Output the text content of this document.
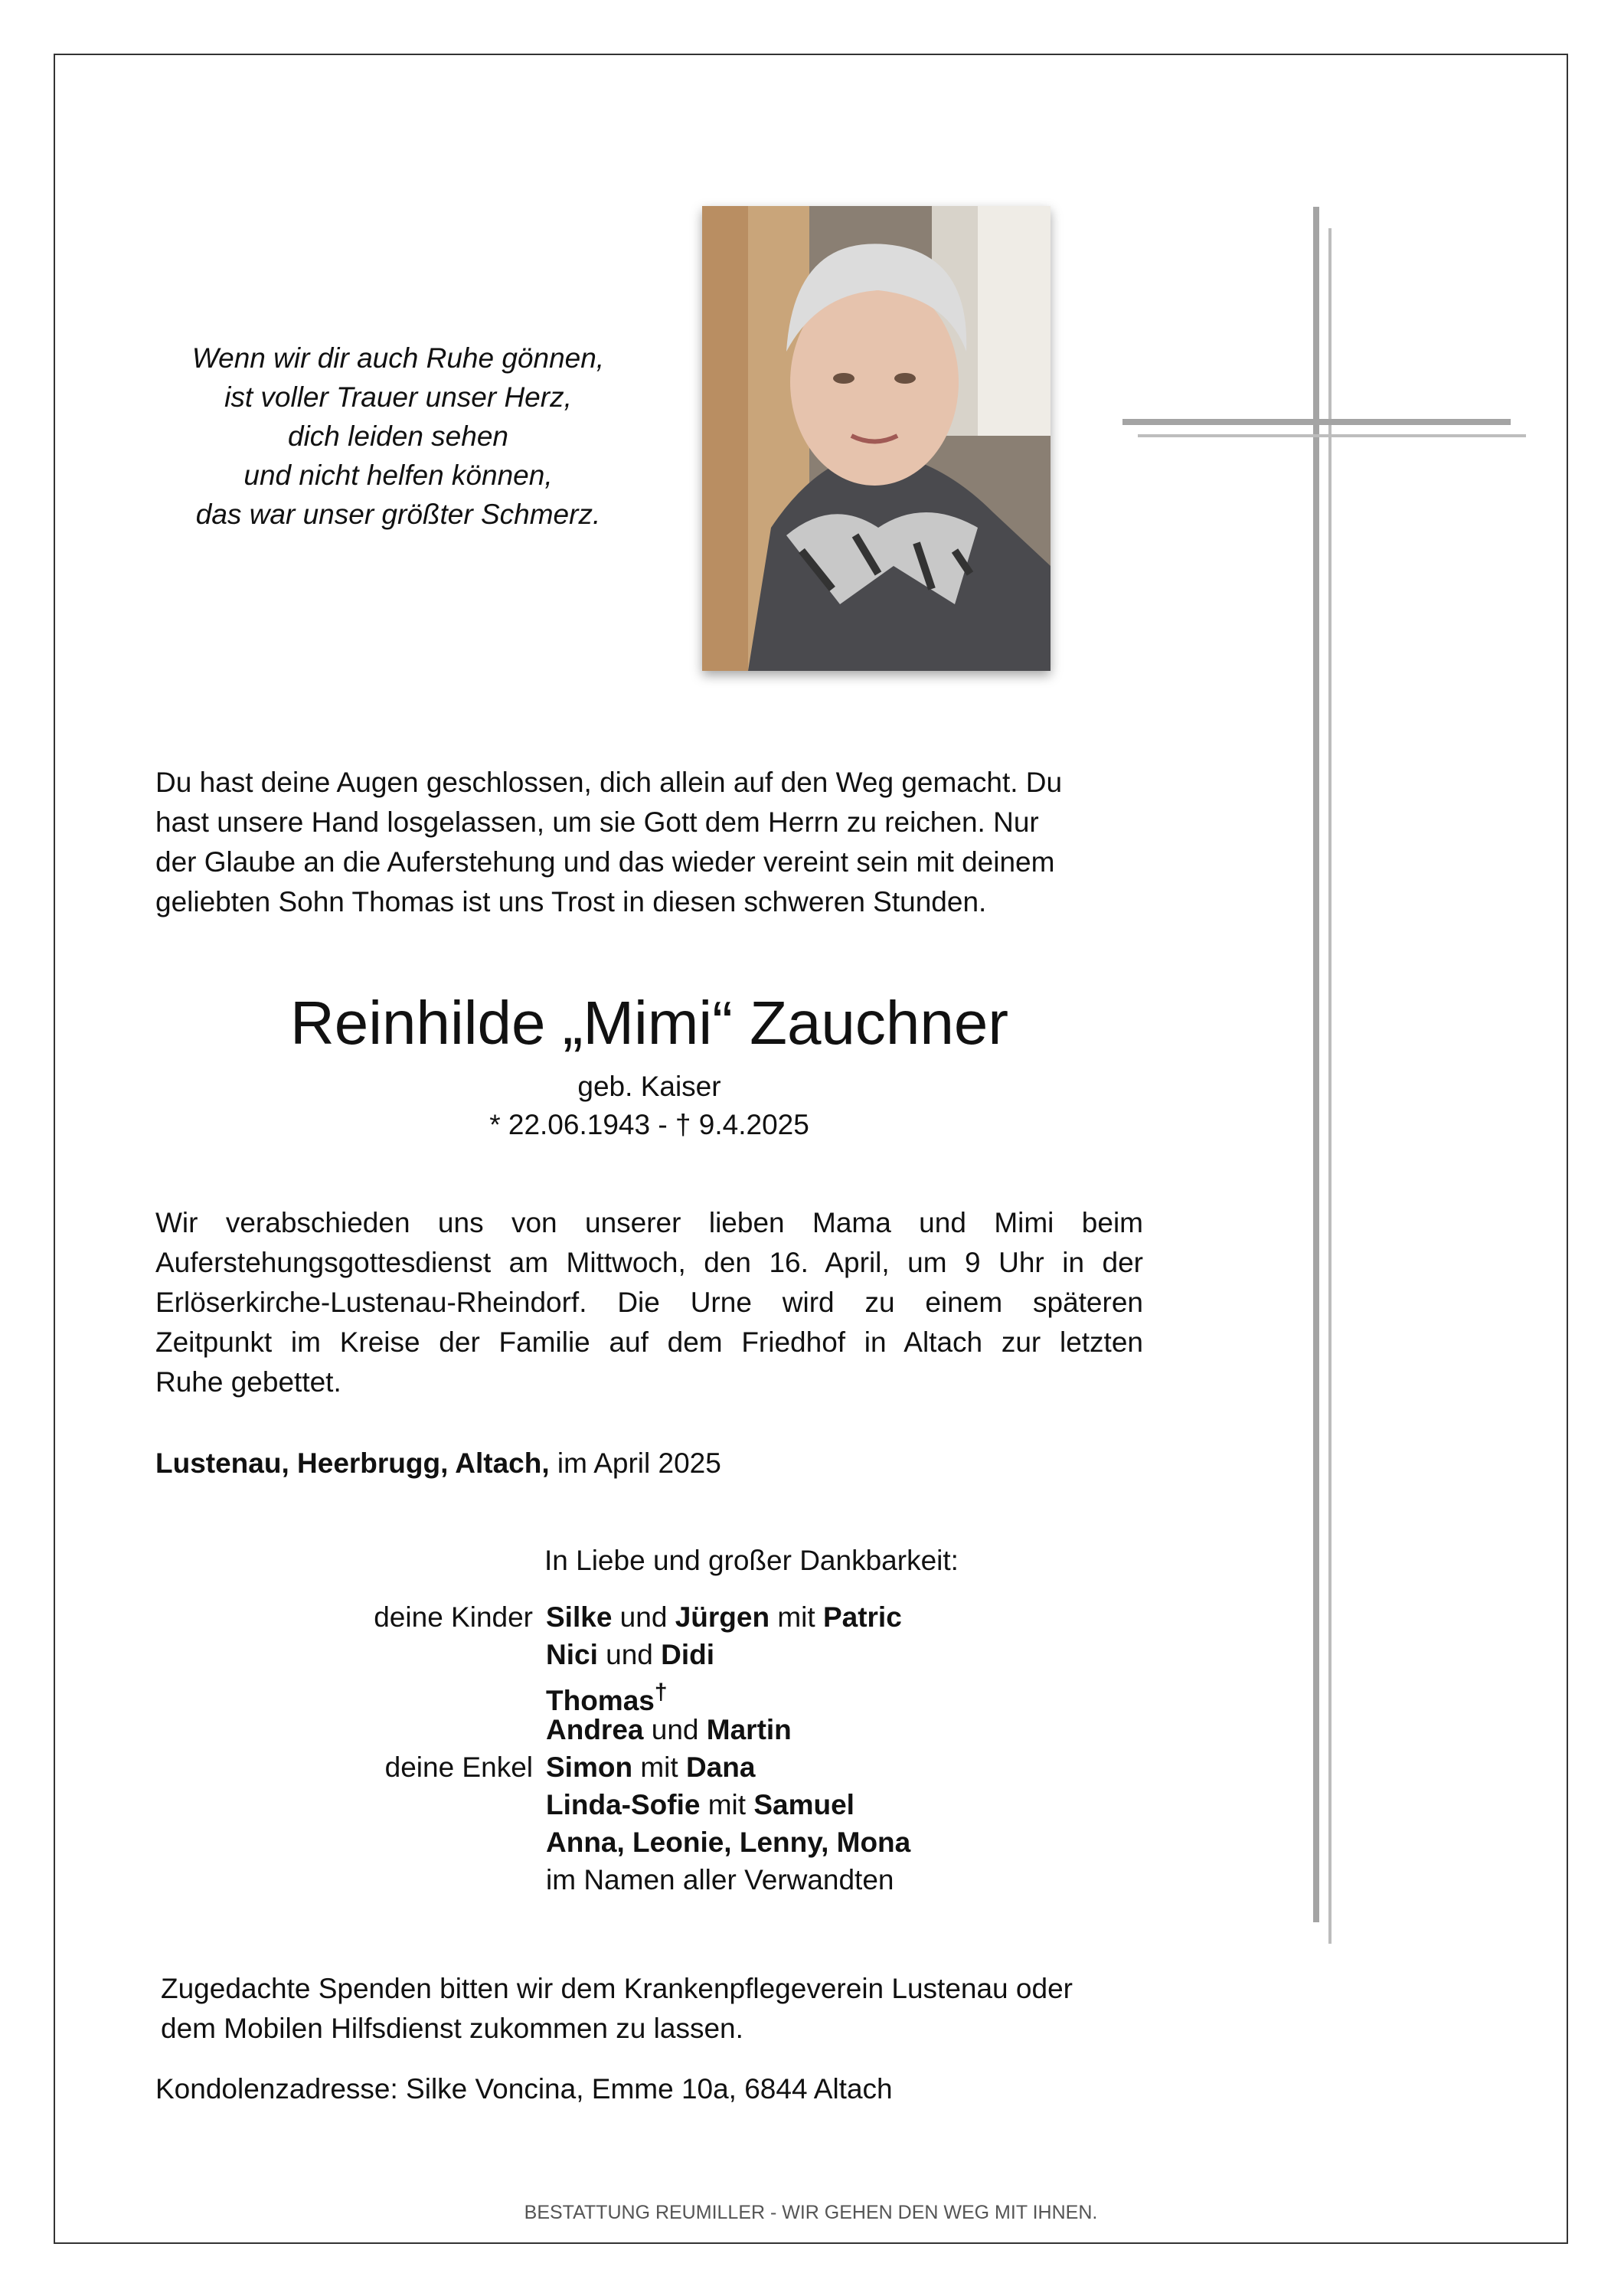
Wenn wir dir auch Ruhe gönnen,
ist voller Trauer unser Herz,
dich leiden sehen
und nicht helfen können,
das war unser größter Schmerz.
Du hast deine Augen geschlossen, dich allein auf den Weg gemacht. Du
hast unsere Hand losgelassen, um sie Gott dem Herrn zu reichen. Nur
der Glaube an die Auferstehung und das wieder vereint sein mit deinem
geliebten Sohn Thomas ist uns Trost in diesen schweren Stunden.
Reinhilde „Mimi“ Zauchner
geb. Kaiser
* 22.06.1943 - † 9.4.2025
Wir verabschieden uns von unserer lieben Mama und Mimi beim
Auferstehungsgottesdienst am Mittwoch, den 16. April, um 9 Uhr in der
Erlöserkirche-Lustenau-Rheindorf. Die Urne wird zu einem späteren
Zeitpunkt im Kreise der Familie auf dem Friedhof in Altach zur letzten
Ruhe gebettet.
Lustenau, Heerbrugg, Altach, im April 2025
In Liebe und großer Dankbarkeit:
deine Kinder
deine Enkel
Silke und Jürgen mit Patric
Nici und Didi
Thomas†
Andrea und Martin
Simon mit Dana
Linda-Sofie mit Samuel
Anna, Leonie, Lenny, Mona
im Namen aller Verwandten
Zugedachte Spenden bitten wir dem Krankenpflegeverein Lustenau oder
dem Mobilen Hilfsdienst zukommen zu lassen.
Kondolenzadresse: Silke Voncina, Emme 10a, 6844 Altach
BESTATTUNG REUMILLER - WIR GEHEN DEN WEG MIT IHNEN.
